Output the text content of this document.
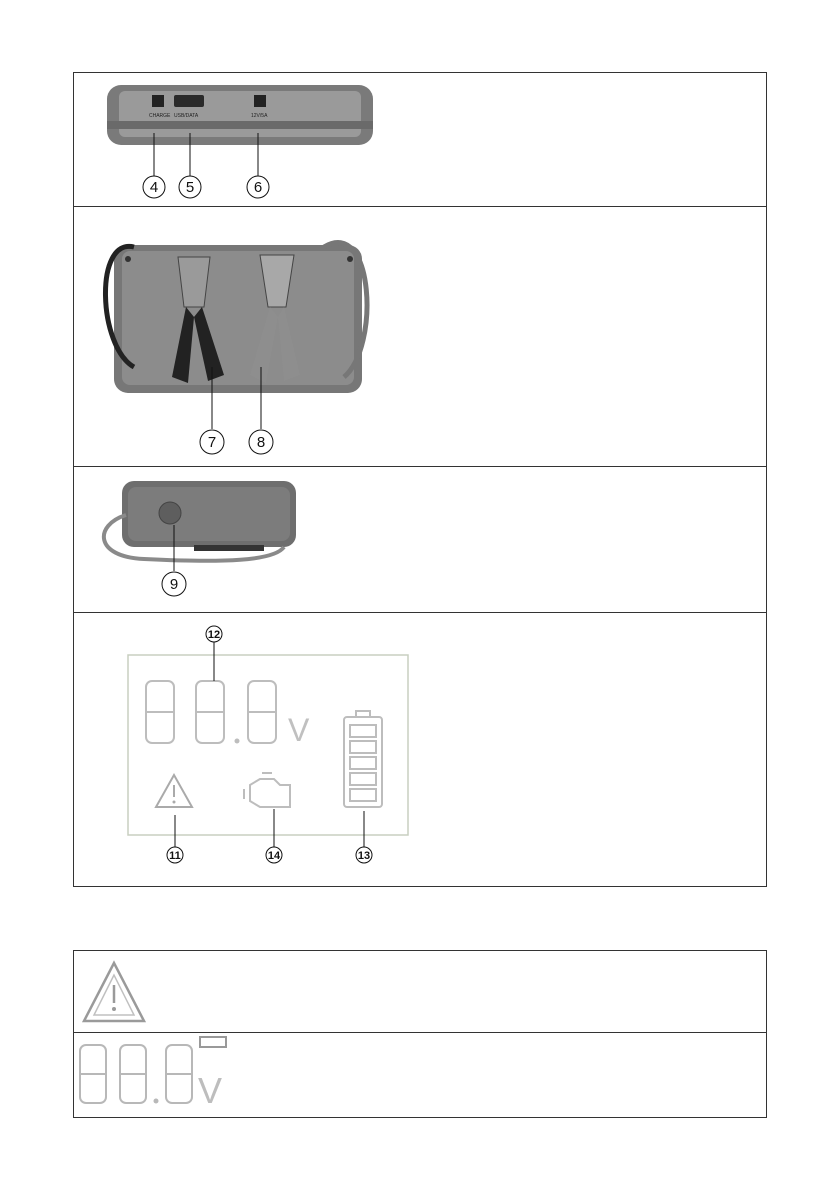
CHARGE USB/DATA	12V/5A
4 5	6
7	8
9
V
12
11	14	13
V
